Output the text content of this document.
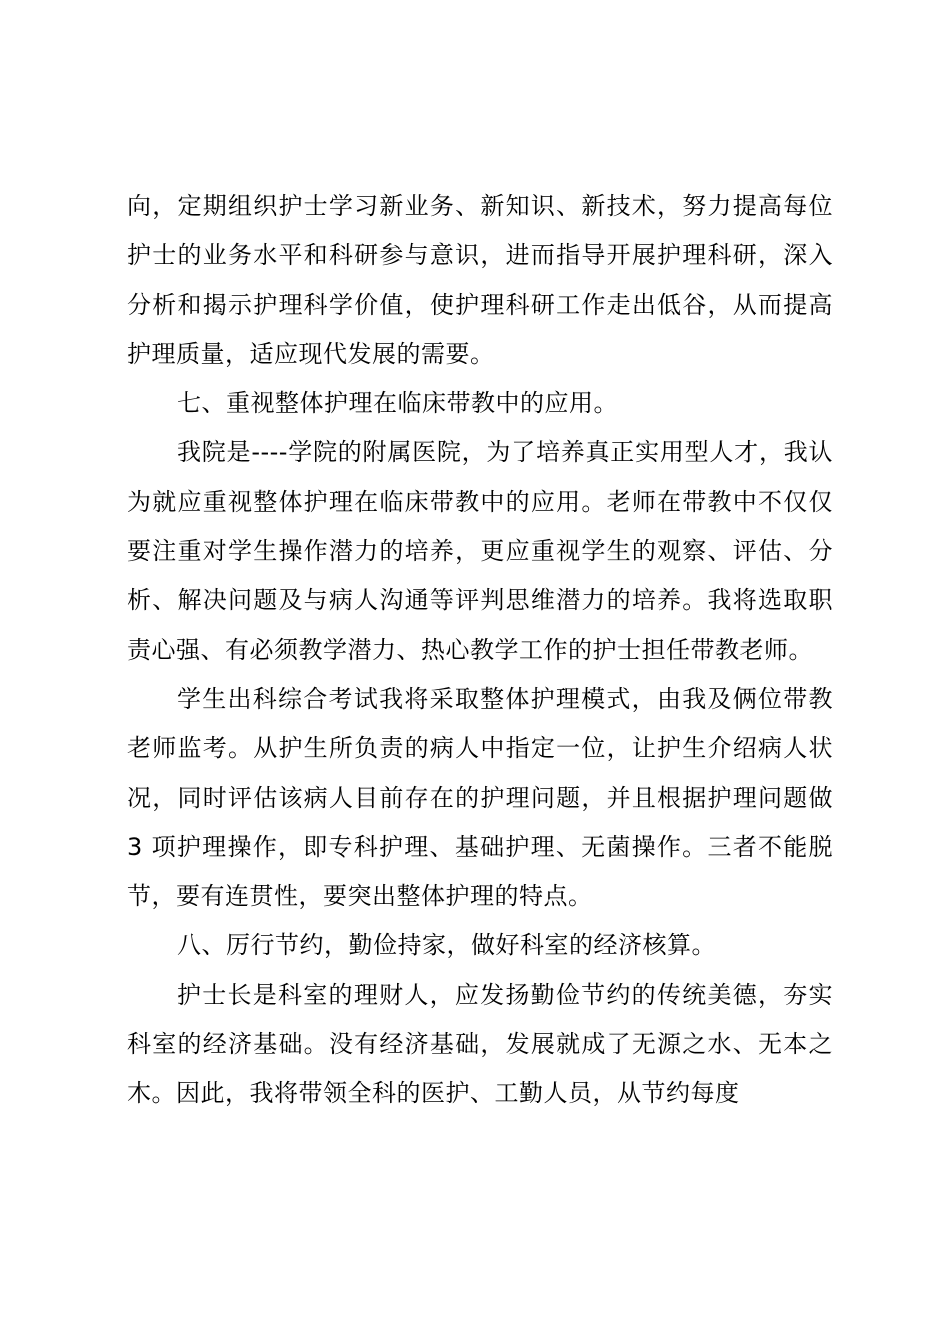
向，定期组织护士学习新业务、新知识、新技术，努力提高每位护士的业务水平和科研参与意识，进而指导开展护理科研，深入分析和揭示护理科学价值，使护理科研工作走出低谷，从而提高护理质量，适应现代发展的需要。

七、重视整体护理在临床带教中的应用。

我院是----学院的附属医院，为了培养真正实用型人才，我认为就应重视整体护理在临床带教中的应用。老师在带教中不仅仅要注重对学生操作潜力的培养，更应重视学生的观察、评估、分析、解决问题及与病人沟通等评判思维潜力的培养。我将选取职责心强、有必须教学潜力、热心教学工作的护士担任带教老师。

学生出科综合考试我将采取整体护理模式，由我及俩位带教老师监考。从护生所负责的病人中指定一位，让护生介绍病人状况，同时评估该病人目前存在的护理问题，并且根据护理问题做 3 项护理操作，即专科护理、基础护理、无菌操作。三者不能脱节，要有连贯性，要突出整体护理的特点。

八、厉行节约，勤俭持家，做好科室的经济核算。

护士长是科室的理财人，应发扬勤俭节约的传统美德，夯实科室的经济基础。没有经济基础，发展就成了无源之水、无本之木。因此，我将带领全科的医护、工勤人员，从节约每度
